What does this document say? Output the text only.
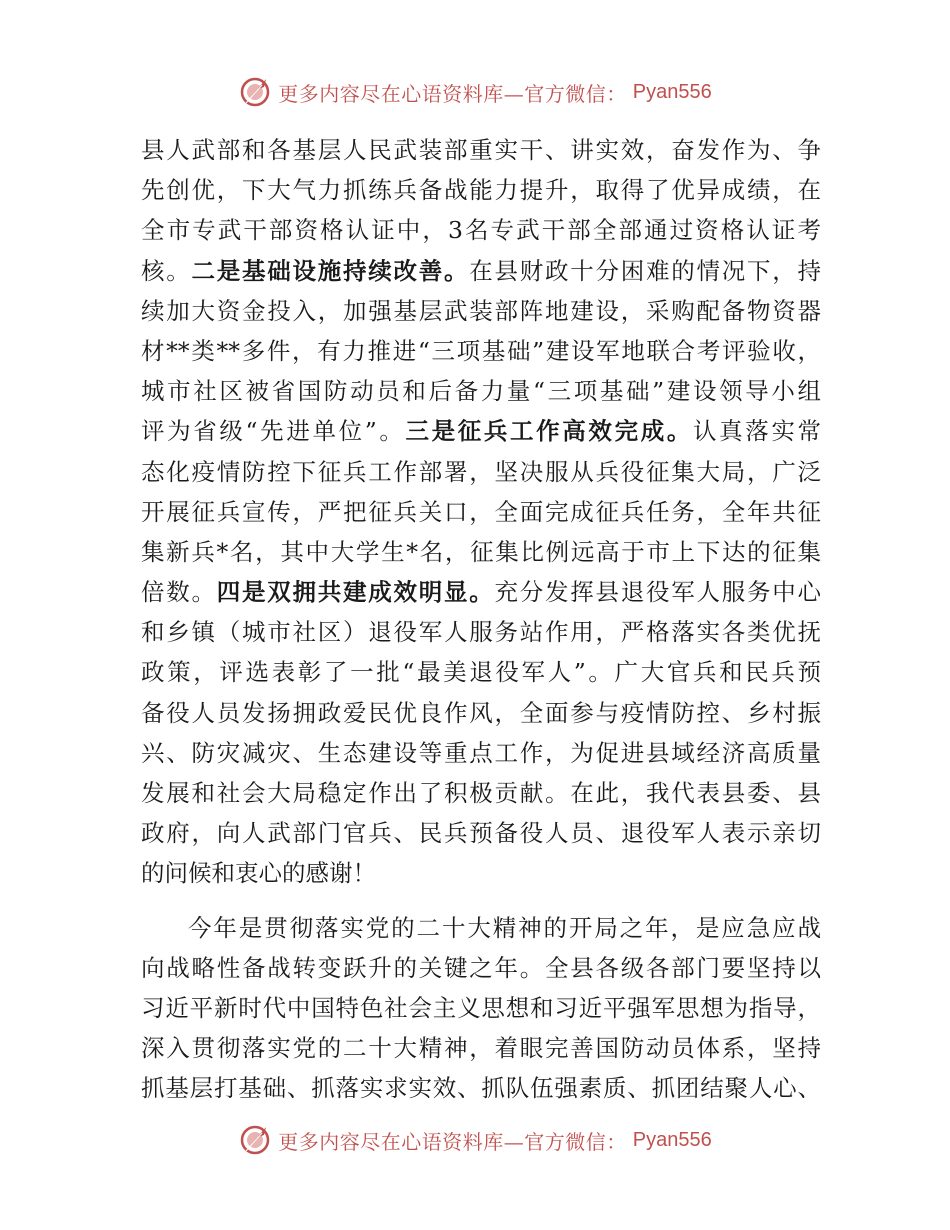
更多内容尽在心语资料库—官方微信： Pyan556
县人武部和各基层人民武装部重实干、讲实效，奋发作为、争
先创优，下大气力抓练兵备战能力提升，取得了优异成绩，在
全市专武干部资格认证中，3名专武干部全部通过资格认证考
核。二是基础设施持续改善。在县财政十分困难的情况下，持
续加大资金投入，加强基层武装部阵地建设，采购配备物资器
材**类**多件，有力推进“三项基础”建设军地联合考评验收，
城市社区被省国防动员和后备力量“三项基础”建设领导小组
评为省级“先进单位”。三是征兵工作高效完成。认真落实常
态化疫情防控下征兵工作部署，坚决服从兵役征集大局，广泛
开展征兵宣传，严把征兵关口，全面完成征兵任务，全年共征
集新兵*名，其中大学生*名，征集比例远高于市上下达的征集
倍数。四是双拥共建成效明显。充分发挥县退役军人服务中心
和乡镇（城市社区）退役军人服务站作用，严格落实各类优抚
政策，评选表彰了一批“最美退役军人”。广大官兵和民兵预
备役人员发扬拥政爱民优良作风，全面参与疫情防控、乡村振
兴、防灾减灾、生态建设等重点工作，为促进县域经济高质量
发展和社会大局稳定作出了积极贡献。在此，我代表县委、县
政府，向人武部门官兵、民兵预备役人员、退役军人表示亲切
的问候和衷心的感谢！
今年是贯彻落实党的二十大精神的开局之年，是应急应战
向战略性备战转变跃升的关键之年。全县各级各部门要坚持以
习近平新时代中国特色社会主义思想和习近平强军思想为指导，
深入贯彻落实党的二十大精神，着眼完善国防动员体系，坚持
抓基层打基础、抓落实求实效、抓队伍强素质、抓团结聚人心、
更多内容尽在心语资料库—官方微信： Pyan556
